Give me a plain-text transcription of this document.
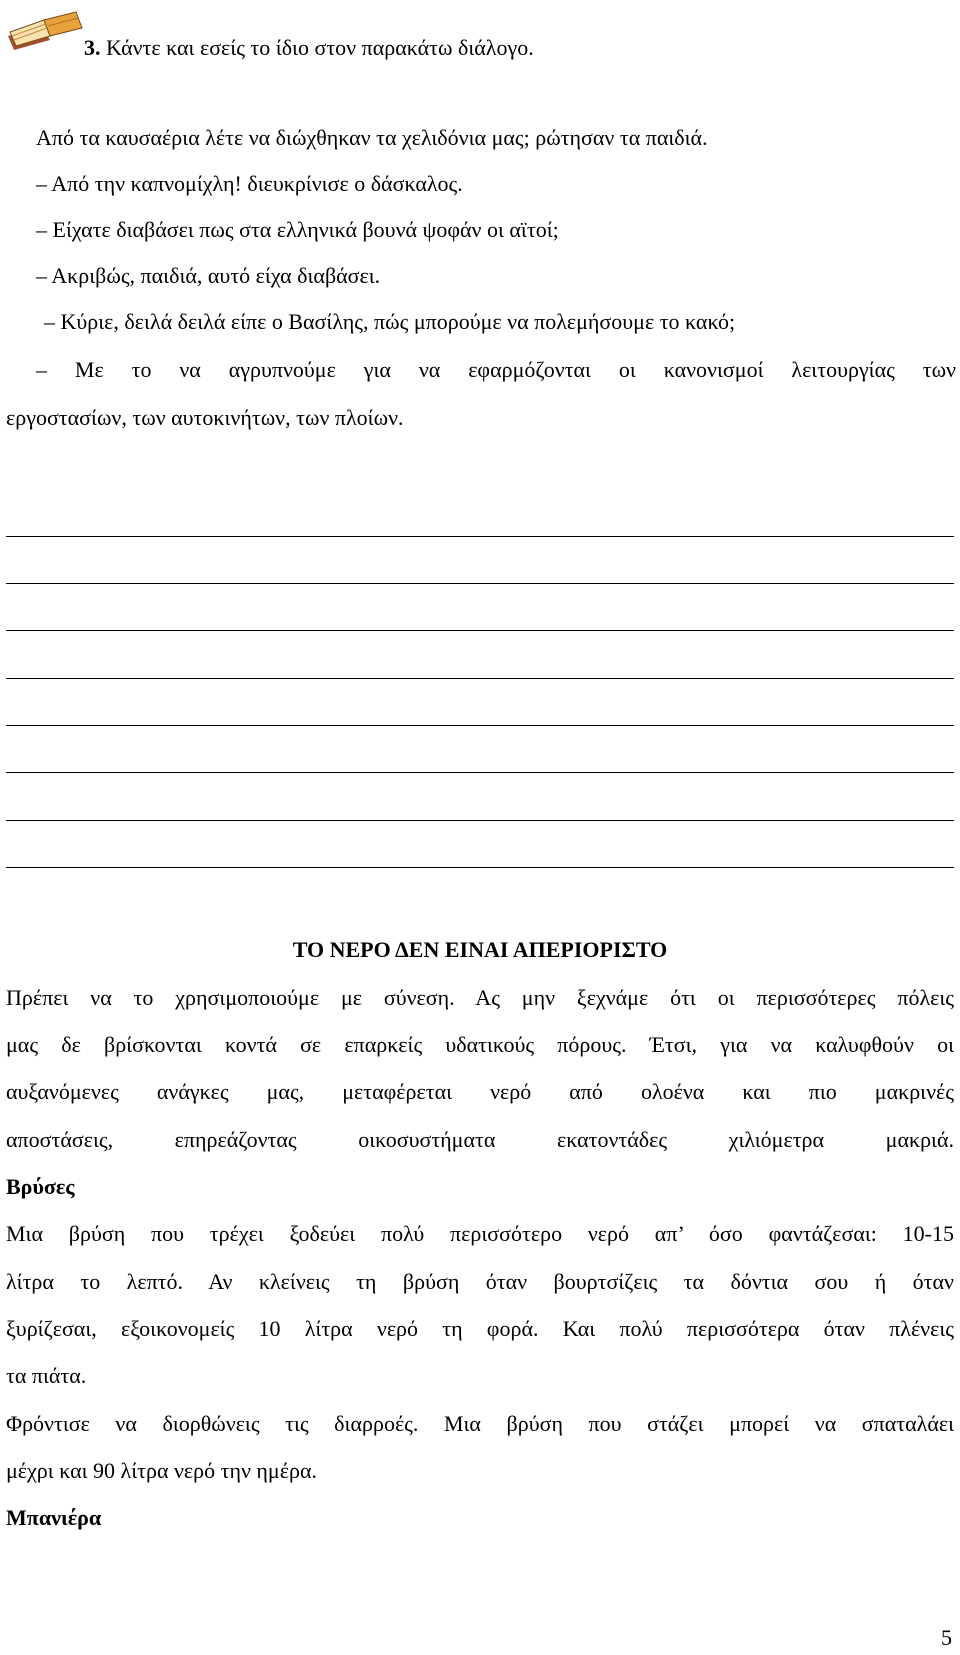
3. Κάντε και εσείς το ίδιο στον παρακάτω διάλογο.
Από τα καυσαέρια λέτε να διώχθηκαν τα χελιδόνια μας; ρώτησαν τα παιδιά.
– Από την καπνομίχλη! διευκρίνισε ο δάσκαλος.
– Είχατε διαβάσει πως στα ελληνικά βουνά ψοφάν οι αϊτοί;
– Ακριβώς, παιδιά, αυτό είχα διαβάσει.
– Κύριε, δειλά δειλά είπε ο Βασίλης, πώς μπορούμε να πολεμήσουμε το κακό;
– Με το να αγρυπνούμε για να εφαρμόζονται οι κανονισμοί λειτουργίας των
εργοστασίων, των αυτοκινήτων, των πλοίων.
ΤΟ ΝΕΡΟ ΔΕΝ ΕΙΝΑΙ ΑΠΕΡΙΟΡΙΣΤΟ
Πρέπει να το χρησιμοποιούμε με σύνεση. Ας μην ξεχνάμε ότι οι περισσότερες πόλεις
μας δε βρίσκονται κοντά σε επαρκείς υδατικούς πόρους. Έτσι, για να καλυφθούν οι
αυξανόμενες ανάγκες μας, μεταφέρεται νερό από ολοένα και πιο μακρινές
αποστάσεις, επηρεάζοντας οικοσυστήματα εκατοντάδες χιλιόμετρα μακριά.
Βρύσες
Μια βρύση που τρέχει ξοδεύει πολύ περισσότερο νερό απ’ όσο φαντάζεσαι: 10-15
λίτρα το λεπτό. Αν κλείνεις τη βρύση όταν βουρτσίζεις τα δόντια σου ή όταν
ξυρίζεσαι, εξοικονομείς 10 λίτρα νερό τη φορά. Και πολύ περισσότερα όταν πλένεις
τα πιάτα.
Φρόντισε να διορθώνεις τις διαρροές. Μια βρύση που στάζει μπορεί να σπαταλάει
μέχρι και 90 λίτρα νερό την ημέρα.
Μπανιέρα
5
